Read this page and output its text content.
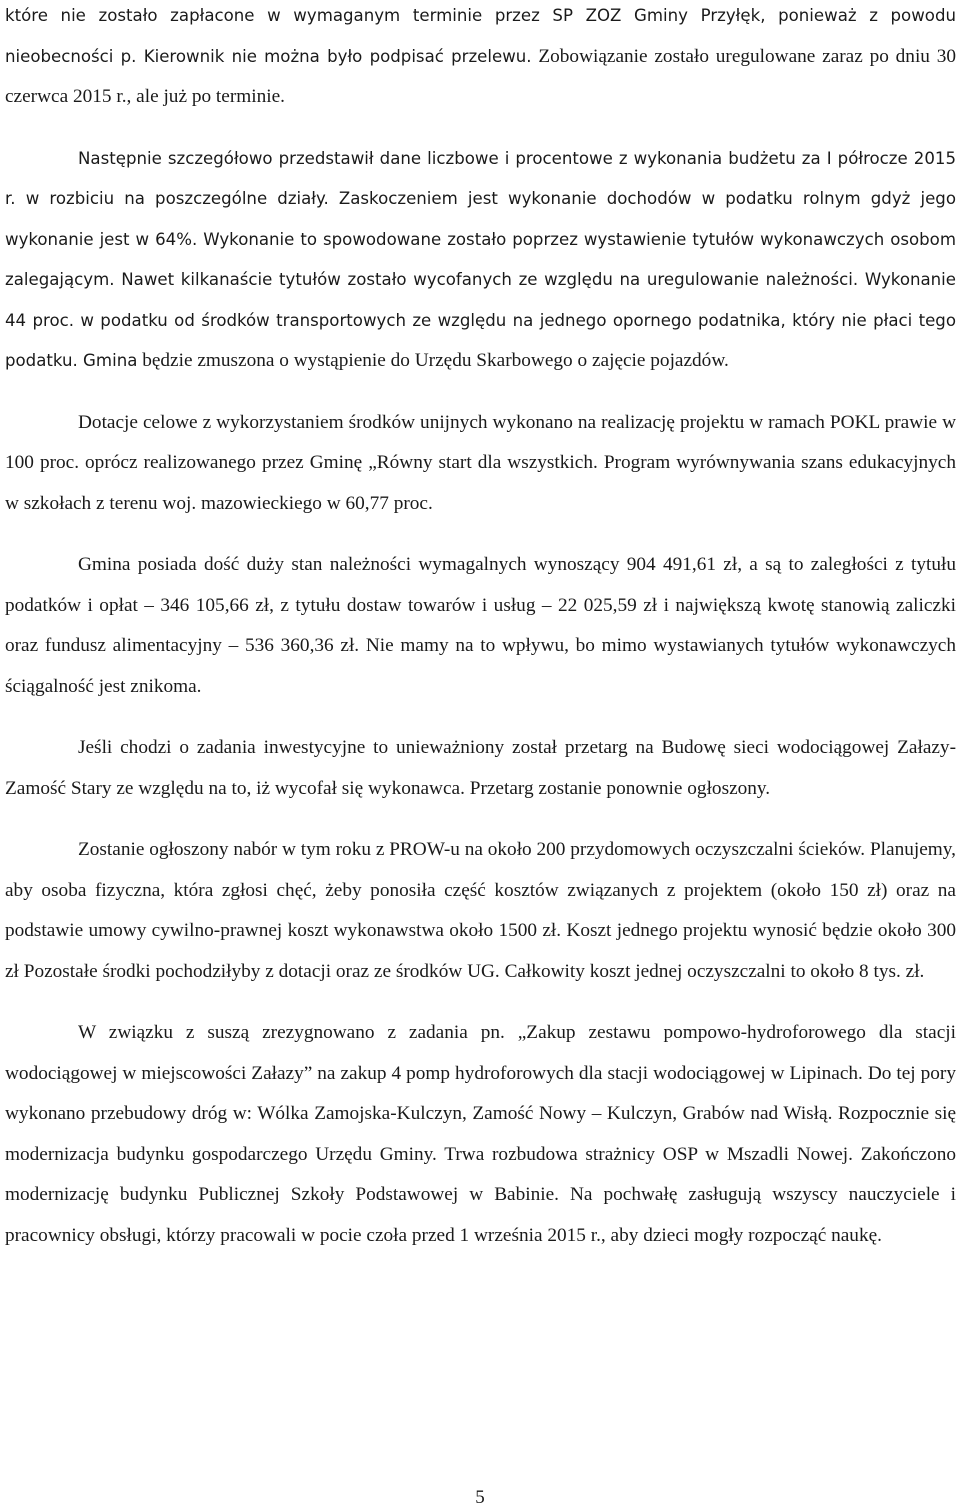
które nie zostało zapłacone w wymaganym terminie przez SP ZOZ Gminy Przyłęk, ponieważ z powodu nieobecności p. Kierownik nie można było podpisać przelewu. Zobowiązanie zostało uregulowane zaraz po dniu 30 czerwca 2015 r., ale już po terminie.

Następnie szczegółowo przedstawił dane liczbowe i procentowe z wykonania budżetu za I półrocze 2015 r. w rozbiciu na poszczególne działy. Zaskoczeniem jest wykonanie dochodów w podatku rolnym gdyż jego wykonanie jest w 64%. Wykonanie to spowodowane zostało poprzez wystawienie tytułów wykonawczych osobom zalegającym. Nawet kilkanaście tytułów zostało wycofanych ze względu na uregulowanie należności. Wykonanie 44 proc. w podatku od środków transportowych ze względu na jednego opornego podatnika, który nie płaci tego podatku. Gmina będzie zmuszona o wystąpienie do Urzędu Skarbowego o zajęcie pojazdów.

Dotacje celowe z wykorzystaniem środków unijnych wykonano na realizację projektu w ramach POKL prawie w 100 proc. oprócz realizowanego przez Gminę „Równy start dla wszystkich. Program wyrównywania szans edukacyjnych w szkołach z terenu woj. mazowieckiego w 60,77 proc.

Gmina posiada dość duży stan należności wymagalnych wynoszący 904 491,61 zł, a są to zaległości z tytułu podatków i opłat – 346 105,66 zł, z tytułu dostaw towarów i usług – 22 025,59 zł i największą kwotę stanowią zaliczki oraz fundusz alimentacyjny – 536 360,36 zł. Nie mamy na to wpływu, bo mimo wystawianych tytułów wykonawczych ściągalność jest znikoma.

Jeśli chodzi o zadania inwestycyjne to unieważniony został przetarg na Budowę sieci wodociągowej Załazy-Zamość Stary ze względu na to, iż wycofał się wykonawca. Przetarg zostanie ponownie ogłoszony.

Zostanie ogłoszony nabór w tym roku z PROW-u na około 200 przydomowych oczyszczalni ścieków. Planujemy, aby osoba fizyczna, która zgłosi chęć, żeby ponosiła część kosztów związanych z projektem (około 150 zł) oraz na podstawie umowy cywilno-prawnej koszt wykonawstwa około 1500 zł. Koszt jednego projektu wynosić będzie około 300 zł Pozostałe środki pochodziłyby z dotacji oraz ze środków UG. Całkowity koszt jednej oczyszczalni to około 8 tys. zł.

W związku z suszą zrezygnowano z zadania pn. „Zakup zestawu pompowo-hydroforowego dla stacji wodociągowej w miejscowości Załazy” na zakup 4 pomp hydroforowych dla stacji wodociągowej w Lipinach. Do tej pory wykonano przebudowy dróg w: Wólka Zamojska-Kulczyn, Zamość Nowy – Kulczyn, Grabów nad Wisłą. Rozpocznie się modernizacja budynku gospodarczego Urzędu Gminy. Trwa rozbudowa strażnicy OSP w Mszadli Nowej. Zakończono modernizację budynku Publicznej Szkoły Podstawowej w Babinie. Na pochwałę zasługują wszyscy nauczyciele i pracownicy obsługi, którzy pracowali w pocie czoła przed 1 września 2015 r., aby dzieci mogły rozpocząć naukę.

5
